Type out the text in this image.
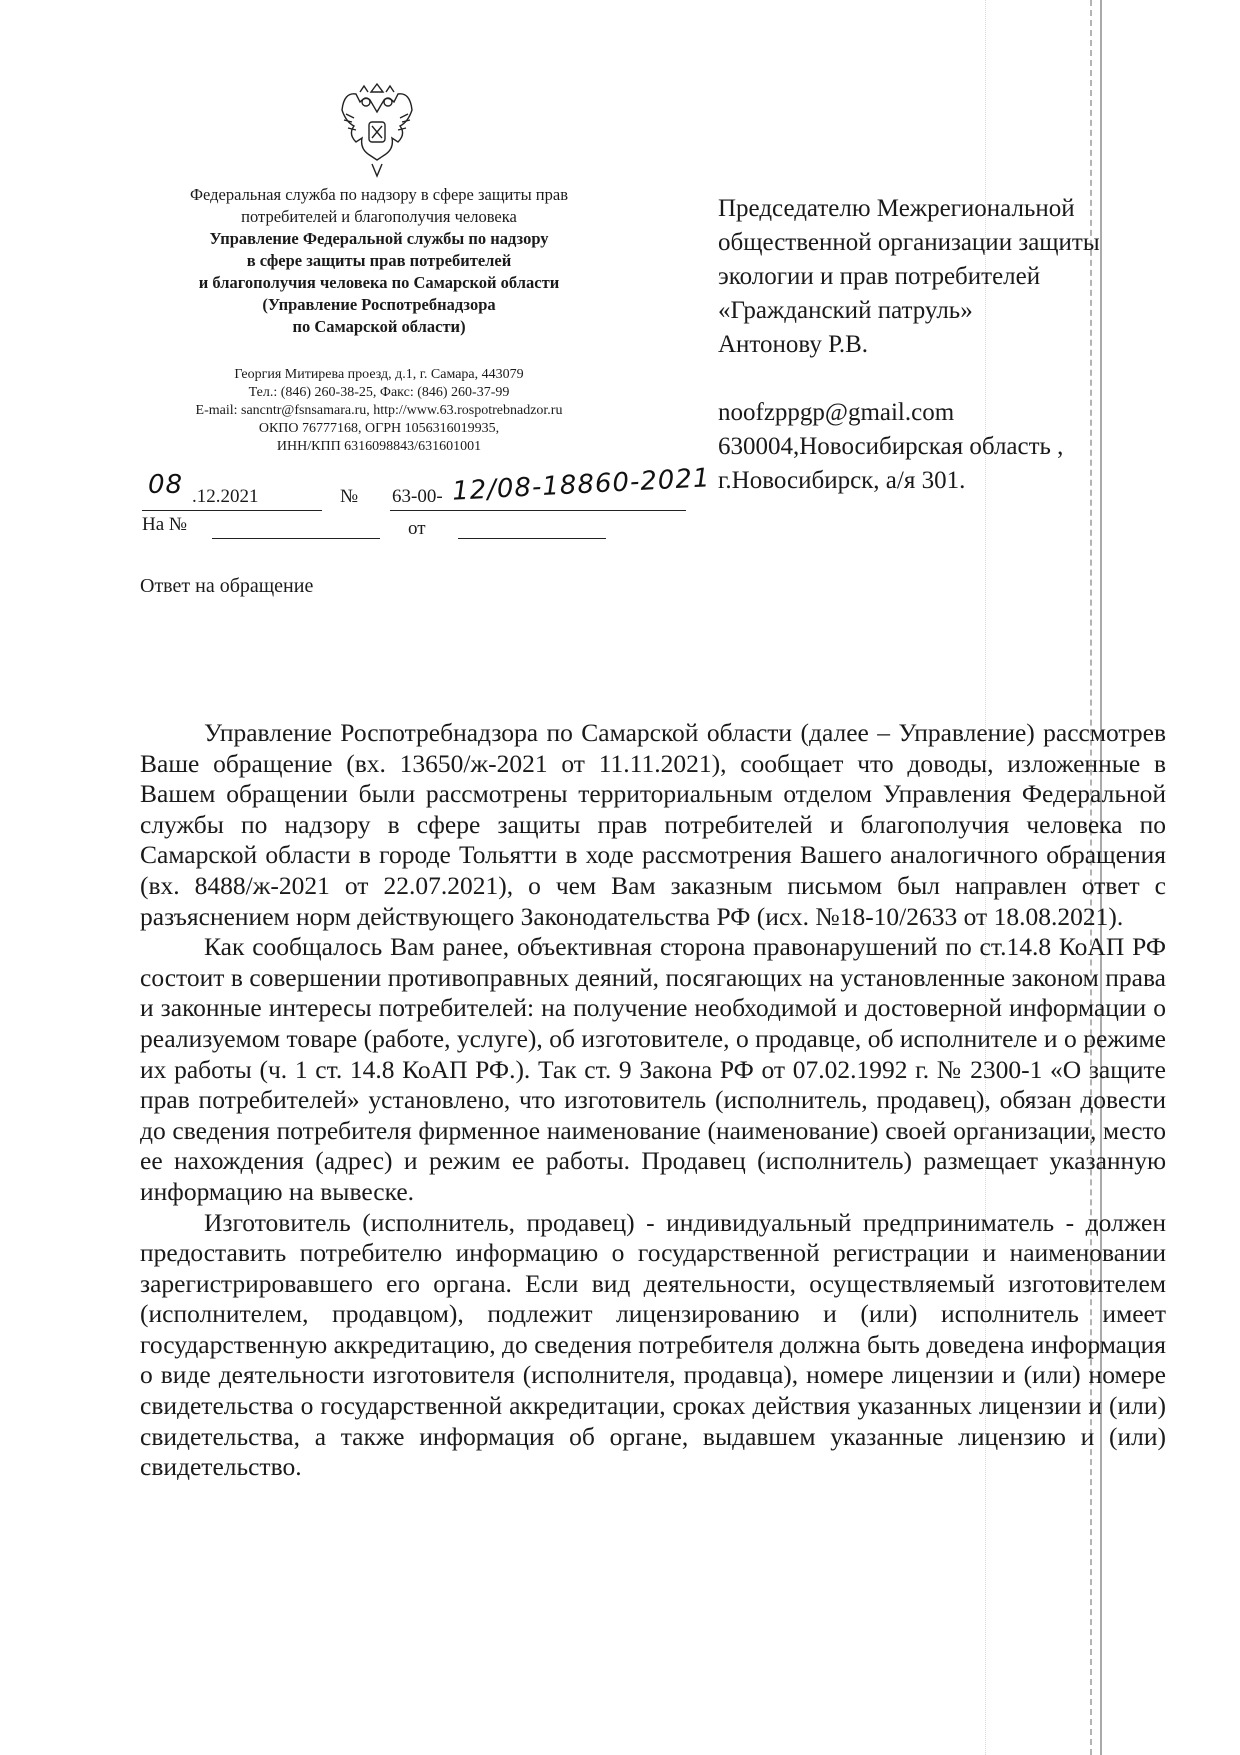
Федеральная служба по надзору в сфере защиты прав
потребителей и благополучия человека
Управление Федеральной службы по надзору
в сфере защиты прав потребителей
и благополучия человека по Самарской области
(Управление Роспотребнадзора
по Самарской области)
Георгия Митирева проезд, д.1, г. Самара, 443079
Тел.: (846) 260-38-25, Факс: (846) 260-37-99
E-mail: sancntr@fsnsamara.ru, http://www.63.rospotrebnadzor.ru
ОКПО 76777168, ОГРН 1056316019935,
ИНН/КПП 6316098843/631601001
Председателю Межрегиональной
общественной организации защиты
экологии и прав потребителей
«Гражданский патруль»
Антонову Р.В.
noofzppgp@gmail.com
630004,Новосибирская область ,
г.Новосибирск, а/я 301.
08 .12.2021	№ 63-00- 12/08-18860-2021
На №	от
Ответ на обращение

Управление Роспотребнадзора по Самарской области (далее – Управление) рассмотрев Ваше обращение (вх. 13650/ж-2021 от 11.11.2021), сообщает что доводы, изложенные в Вашем обращении были рассмотрены территориальным отделом Управления Федеральной службы по надзору в сфере защиты прав потребителей и благополучия человека по Самарской области в городе Тольятти в ходе рассмотрения Вашего аналогичного обращения (вх. 8488/ж-2021 от 22.07.2021), о чем Вам заказным письмом был направлен ответ с разъяснением норм действующего Законодательства РФ (исх. №18-10/2633 от 18.08.2021).

Как сообщалось Вам ранее, объективная сторона правонарушений по ст.14.8 КоАП РФ состоит в совершении противоправных деяний, посягающих на установленные законом права и законные интересы потребителей: на получение необходимой и достоверной информации о реализуемом товаре (работе, услуге), об изготовителе, о продавце, об исполнителе и о режиме их работы (ч. 1 ст. 14.8 КоАП РФ.). Так ст. 9 Закона РФ от 07.02.1992 г. № 2300-1 «О защите прав потребителей» установлено, что изготовитель (исполнитель, продавец), обязан довести до сведения потребителя фирменное наименование (наименование) своей организации, место ее нахождения (адрес) и режим ее работы. Продавец (исполнитель) размещает указанную информацию на вывеске.

Изготовитель (исполнитель, продавец) - индивидуальный предприниматель - должен предоставить потребителю информацию о государственной регистрации и наименовании зарегистрировавшего его органа. Если вид деятельности, осуществляемый изготовителем (исполнителем, продавцом), подлежит лицензированию и (или) исполнитель имеет государственную аккредитацию, до сведения потребителя должна быть доведена информация о виде деятельности изготовителя (исполнителя, продавца), номере лицензии и (или) номере свидетельства о государственной аккредитации, сроках действия указанных лицензии и (или) свидетельства, а также информация об органе, выдавшем указанные лицензию и (или) свидетельство.
